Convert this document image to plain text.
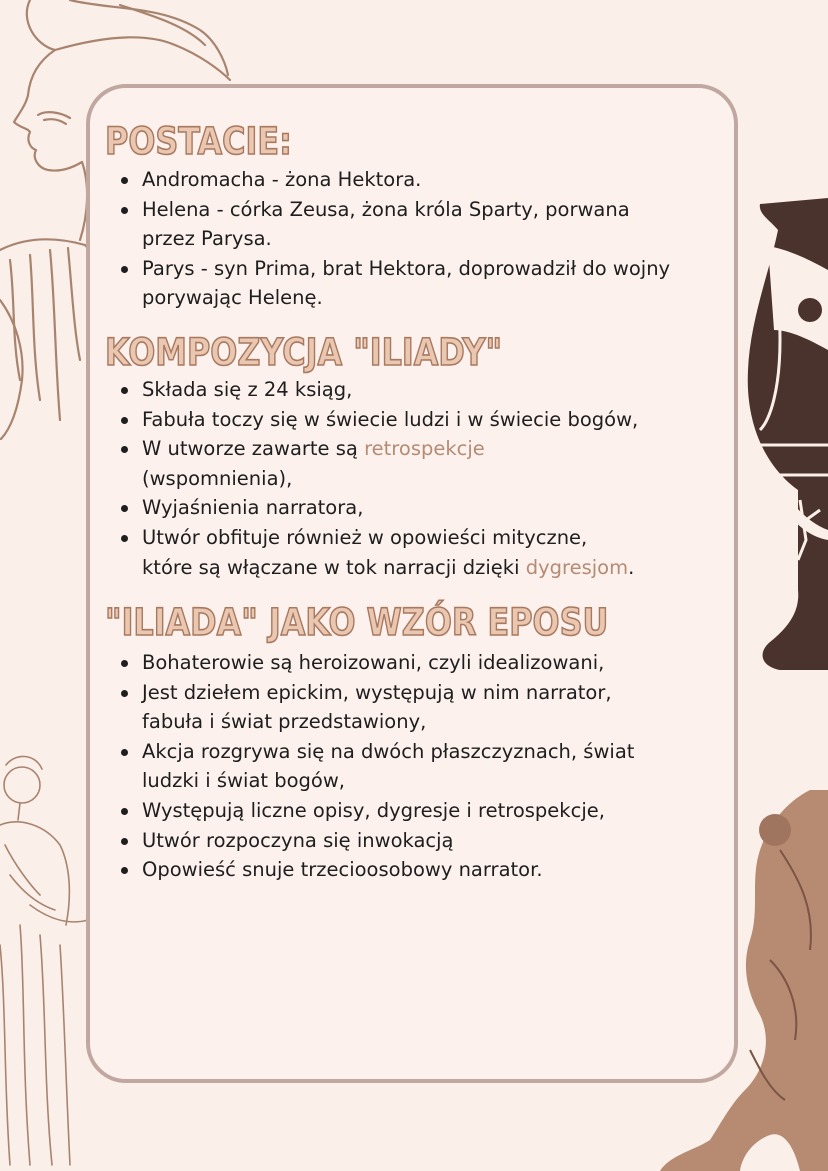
POSTACIE:
Andromacha - żona Hektora.
Helena - córka Zeusa, żona króla Sparty, porwana
przez Parysa.
Parys - syn Prima, brat Hektora, doprowadził do wojny
porywając Helenę.
KOMPOZYCJA "ILIADY"
Składa się z 24 ksiąg,
Fabuła toczy się w świecie ludzi i w świecie bogów,
W utworze zawarte są retrospekcje
(wspomnienia),
Wyjaśnienia narratora,
Utwór obfituje również w opowieści mityczne,
które są włączane w tok narracji dzięki dygresjom.
"ILIADA" JAKO WZÓR EPOSU
Bohaterowie są heroizowani, czyli idealizowani,
Jest dziełem epickim, występują w nim narrator,
fabuła i świat przedstawiony,
Akcja rozgrywa się na dwóch płaszczyznach, świat
ludzki i świat bogów,
Występują liczne opisy, dygresje i retrospekcje,
Utwór rozpoczyna się inwokacją
Opowieść snuje trzecioosobowy narrator.
